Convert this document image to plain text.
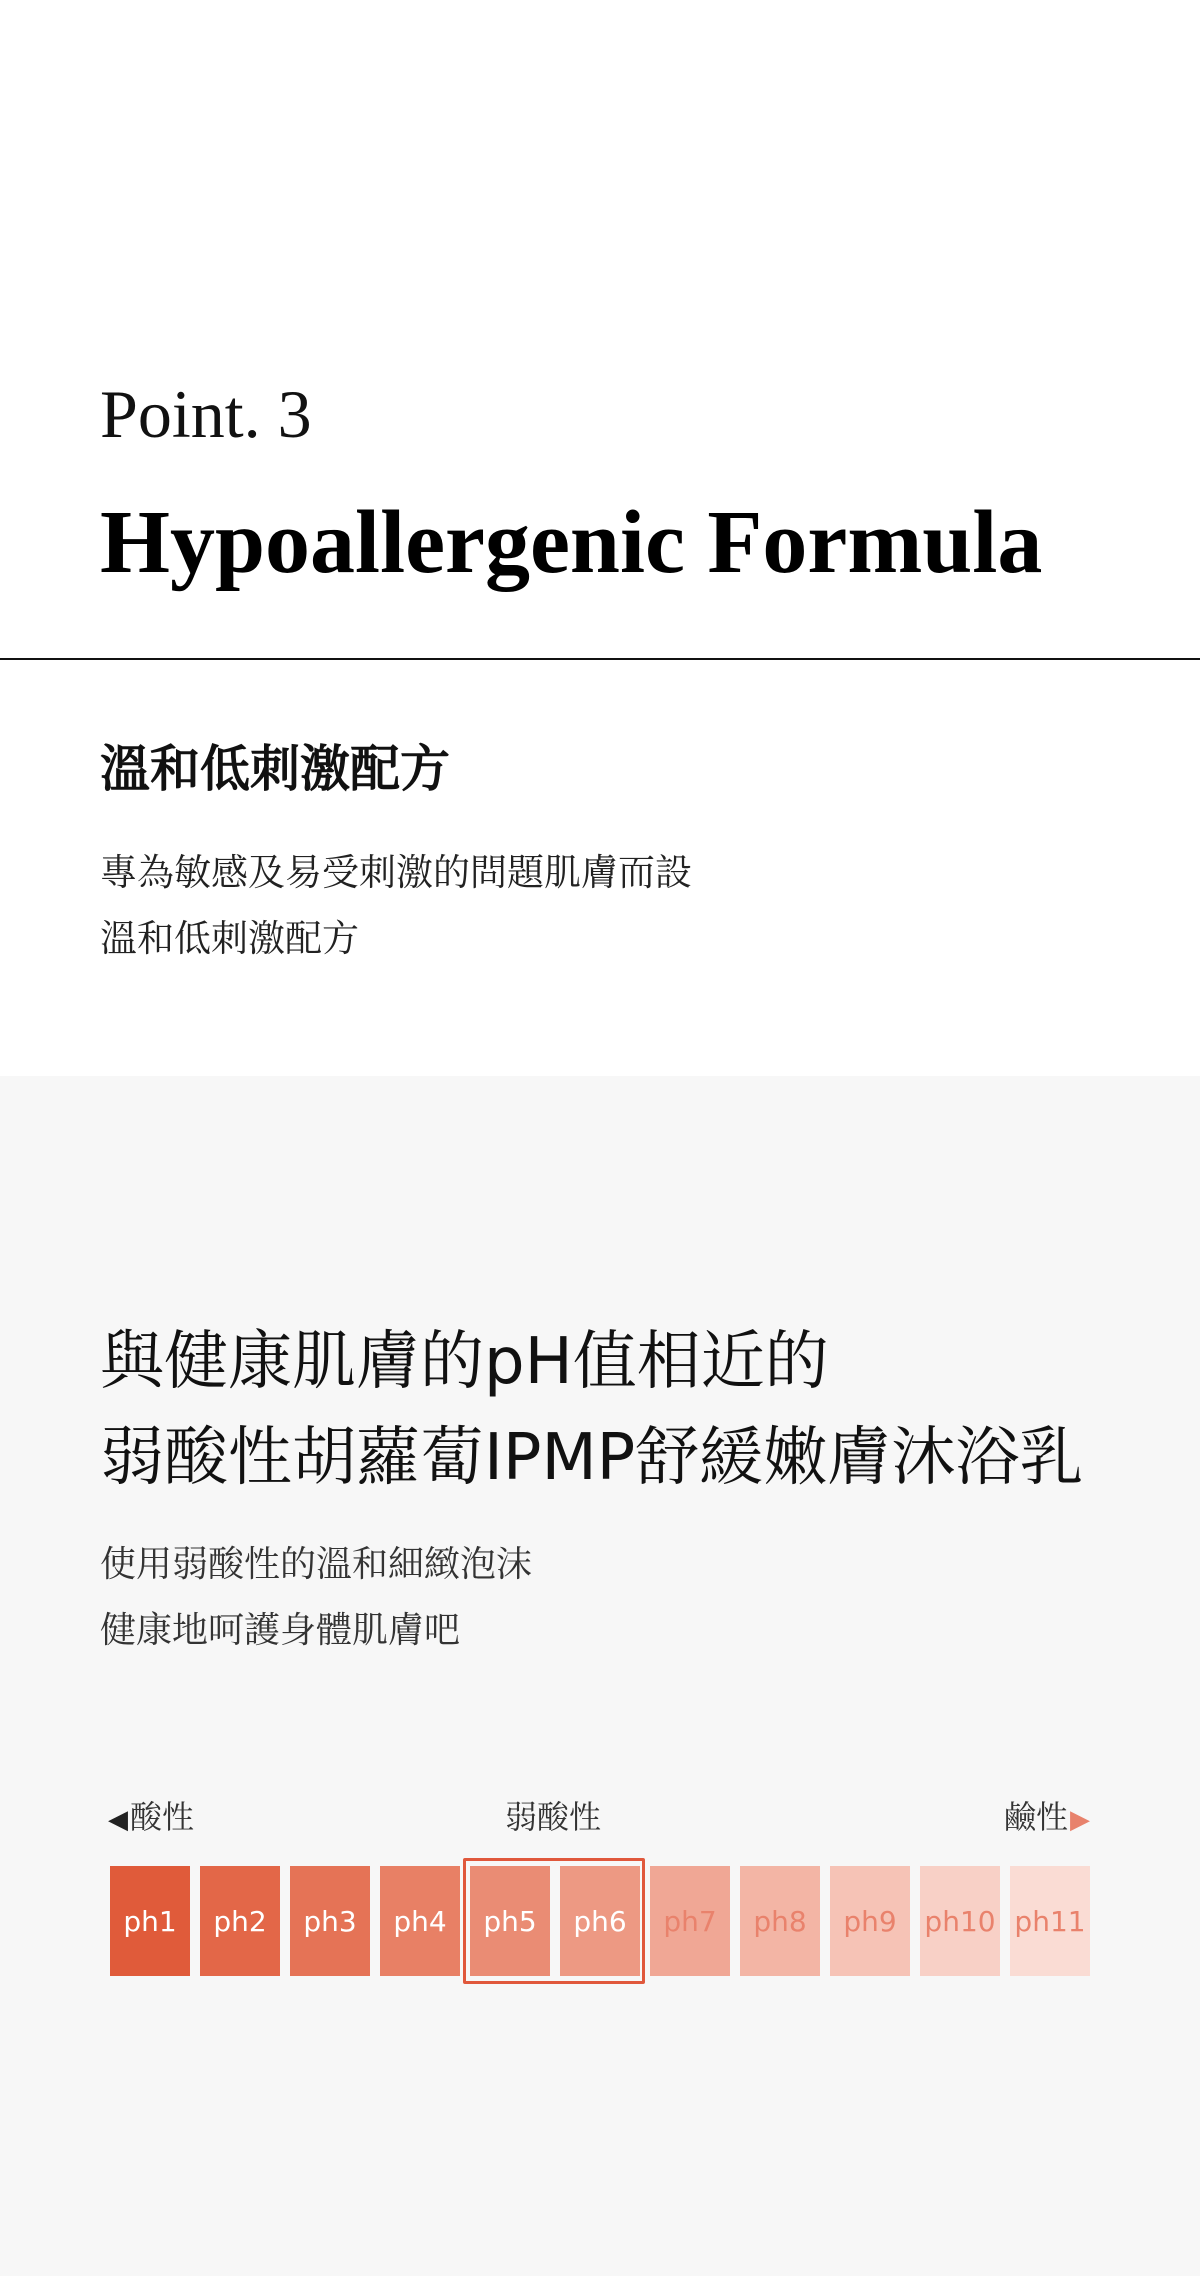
Point. 3
Hypoallergenic Formula
溫和低刺激配方
專為敏感及易受刺激的問題肌膚而設
溫和低刺激配方
與健康肌膚的pH值相近的
弱酸性胡蘿蔔IPMP舒緩嫩膚沐浴乳
使用弱酸性的溫和細緻泡沫
健康地呵護身體肌膚吧
◀酸性	弱酸性	鹼性▶
ph1	ph2	ph3	ph4	ph5	ph6	ph7	ph8	ph9 ph10 ph11
